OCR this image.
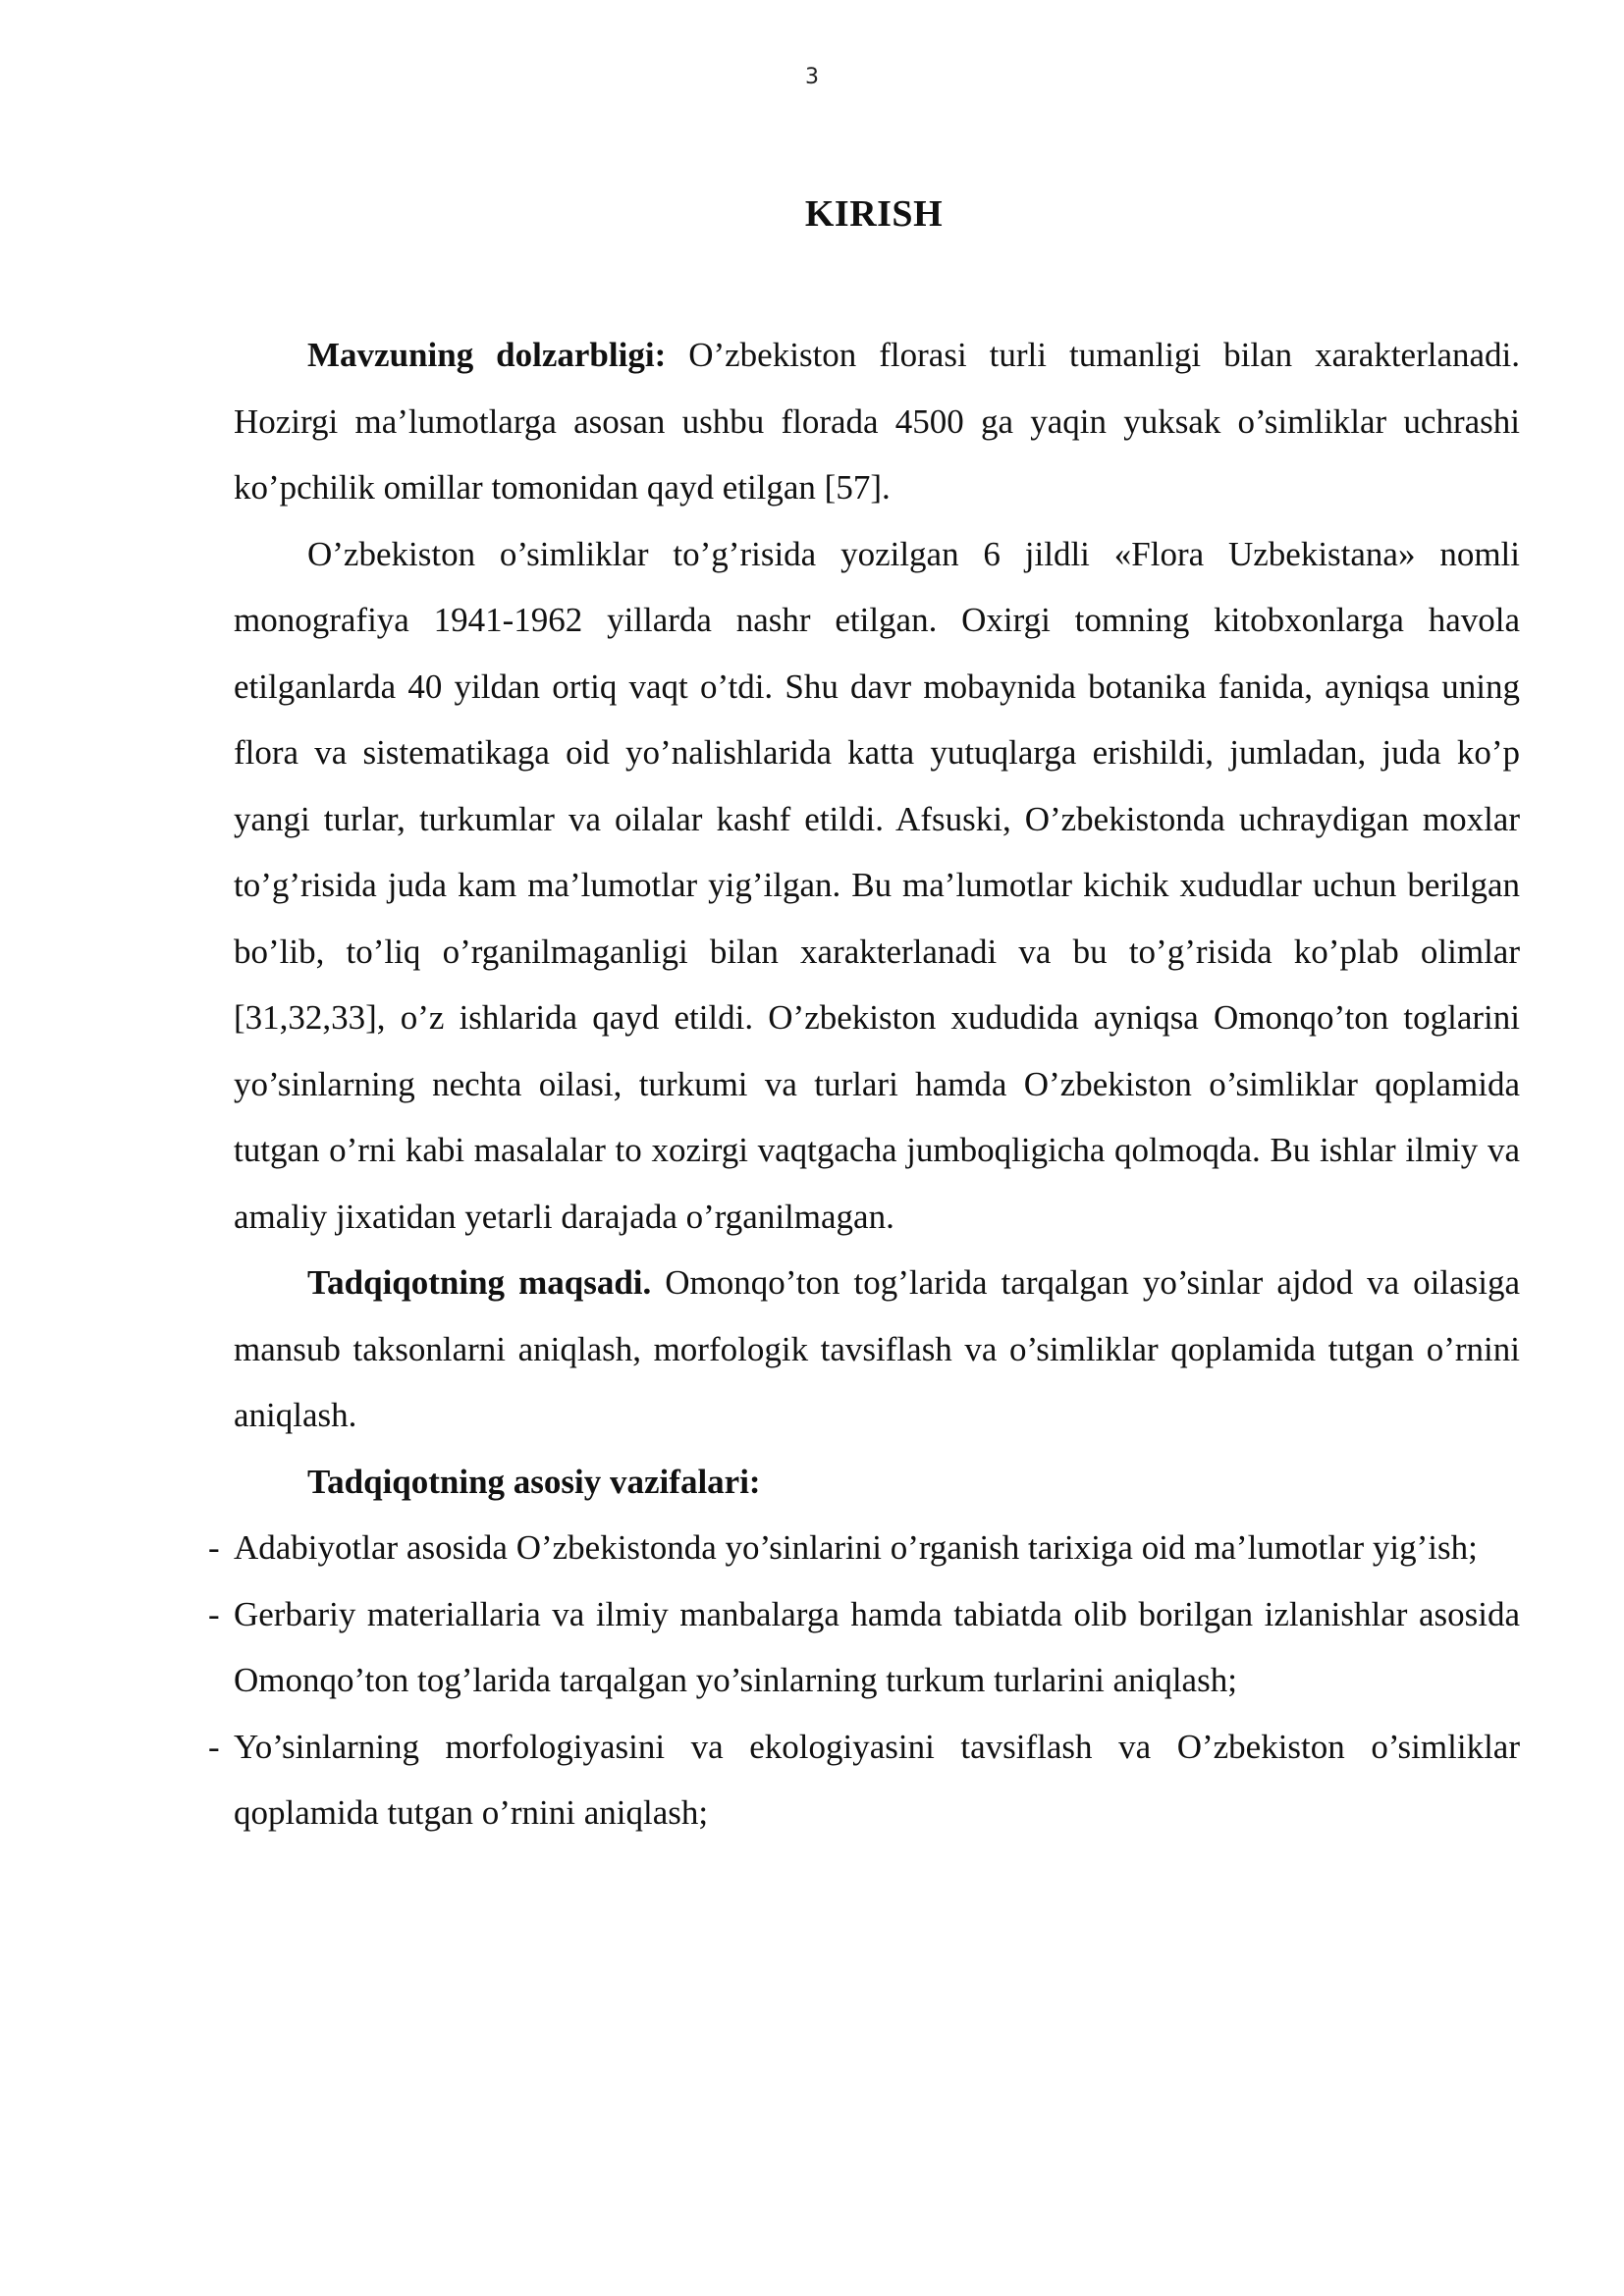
3
KIRISH

Mavzuning dolzarbligi: O’zbekiston florasi turli tumanligi bilan xarakterlanadi. Hozirgi ma’lumotlarga asosan ushbu florada 4500 ga yaqin yuksak o’simliklar uchrashi ko’pchilik omillar tomonidan qayd etilgan [57].

O’zbekiston o’simliklar to’g’risida yozilgan 6 jildli «Flora Uzbekistana» nomli monografiya 1941-1962 yillarda nashr etilgan. Oxirgi tomning kitobxonlarga havola etilganlarda 40 yildan ortiq vaqt o’tdi. Shu davr mobaynida botanika fanida, ayniqsa uning flora va sistematikaga oid yo’nalishlarida katta yutuqlarga erishildi, jumladan, juda ko’p yangi turlar, turkumlar va oilalar kashf etildi. Afsuski, O’zbekistonda uchraydigan moxlar to’g’risida juda kam ma’lumotlar yig’ilgan. Bu ma’lumotlar kichik xududlar uchun berilgan bo’lib, to’liq o’rganilmaganligi bilan xarakterlanadi va bu to’g’risida ko’plab olimlar [31,32,33], o’z ishlarida qayd etildi. O’zbekiston xududida ayniqsa Omonqo’ton toglarini yo’sinlarning nechta oilasi, turkumi va turlari hamda O’zbekiston o’simliklar qoplamida tutgan o’rni kabi masalalar to xozirgi vaqtgacha jumboqligicha qolmoqda. Bu ishlar ilmiy va amaliy jixatidan yetarli darajada o’rganilmagan.

Tadqiqotning maqsadi. Omonqo’ton tog’larida tarqalgan yo’sinlar ajdod va oilasiga mansub taksonlarni aniqlash, morfologik tavsiflash va o’simliklar qoplamida tutgan o’rnini aniqlash.

Tadqiqotning asosiy vazifalari:

- Adabiyotlar asosida O’zbekistonda yo’sinlarini o’rganish tarixiga oid ma’lumotlar yig’ish;
- Gerbariy materiallaria va ilmiy manbalarga hamda tabiatda olib borilgan izlanishlar asosida Omonqo’ton tog’larida tarqalgan yo’sinlarning turkum turlarini aniqlash;
- Yo’sinlarning morfologiyasini va ekologiyasini tavsiflash va O’zbekiston o’simliklar qoplamida tutgan o’rnini aniqlash;
